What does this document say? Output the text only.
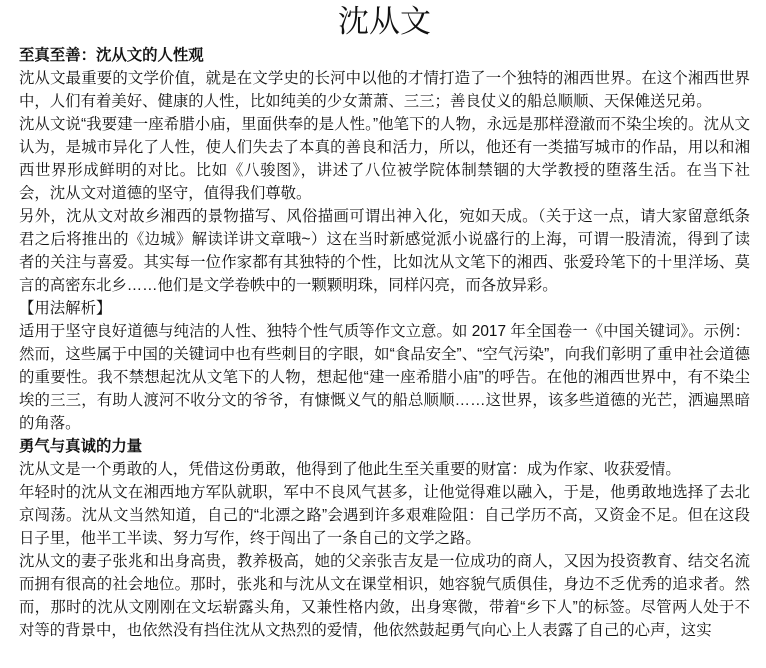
沈从文
至真至善：沈从文的人性观

沈从文最重要的文学价值，就是在文学史的长河中以他的才情打造了一个独特的湘西世界。在这个湘西世界中，人们有着美好、健康的人性，比如纯美的少女萧萧、三三；善良仗义的船总顺顺、天保傩送兄弟。

沈从文说“我要建一座希腊小庙，里面供奉的是人性。”他笔下的人物，永远是那样澄澈而不染尘埃的。沈从文认为，是城市异化了人性，使人们失去了本真的善良和活力，所以，他还有一类描写城市的作品，用以和湘西世界形成鲜明的对比。比如《八骏图》，讲述了八位被学院体制禁锢的大学教授的堕落生活。在当下社会，沈从文对道德的坚守，值得我们尊敬。

另外，沈从文对故乡湘西的景物描写、风俗描画可谓出神入化，宛如天成。（关于这一点，请大家留意纸条君之后将推出的《边城》解读详讲文章哦~）这在当时新感觉派小说盛行的上海，可谓一股清流，得到了读者的关注与喜爱。其实每一位作家都有其独特的个性，比如沈从文笔下的湘西、张爱玲笔下的十里洋场、莫言的高密东北乡……他们是文学卷帙中的一颗颗明珠，同样闪亮，而各放异彩。

【用法解析】

适用于坚守良好道德与纯洁的人性、独特个性气质等作文立意。如 2017 年全国卷一《中国关键词》。示例：然而，这些属于中国的关键词中也有些刺目的字眼，如“食品安全”、“空气污染”，向我们彰明了重申社会道德的重要性。我不禁想起沈从文笔下的人物，想起他“建一座希腊小庙”的呼告。在他的湘西世界中，有不染尘埃的三三，有助人渡河不收分文的爷爷，有慷慨义气的船总顺顺……这世界，该多些道德的光芒，洒遍黑暗的角落。

勇气与真诚的力量

沈从文是一个勇敢的人，凭借这份勇敢，他得到了他此生至关重要的财富：成为作家、收获爱情。

年轻时的沈从文在湘西地方军队就职，军中不良风气甚多，让他觉得难以融入，于是，他勇敢地选择了去北京闯荡。沈从文当然知道，自己的“北漂之路”会遇到许多艰难险阻：自己学历不高，又资金不足。但在这段日子里，他半工半读、努力写作，终于闯出了一条自己的文学之路。

沈从文的妻子张兆和出身高贵，教养极高，她的父亲张吉友是一位成功的商人，又因为投资教育、结交名流而拥有很高的社会地位。那时，张兆和与沈从文在课堂相识，她容貌气质俱佳，身边不乏优秀的追求者。然而，那时的沈从文刚刚在文坛崭露头角，又兼性格内敛，出身寒微，带着“乡下人”的标签。尽管两人处于不对等的背景中，也依然没有挡住沈从文热烈的爱情，他依然鼓起勇气向心上人表露了自己的心声，这实
